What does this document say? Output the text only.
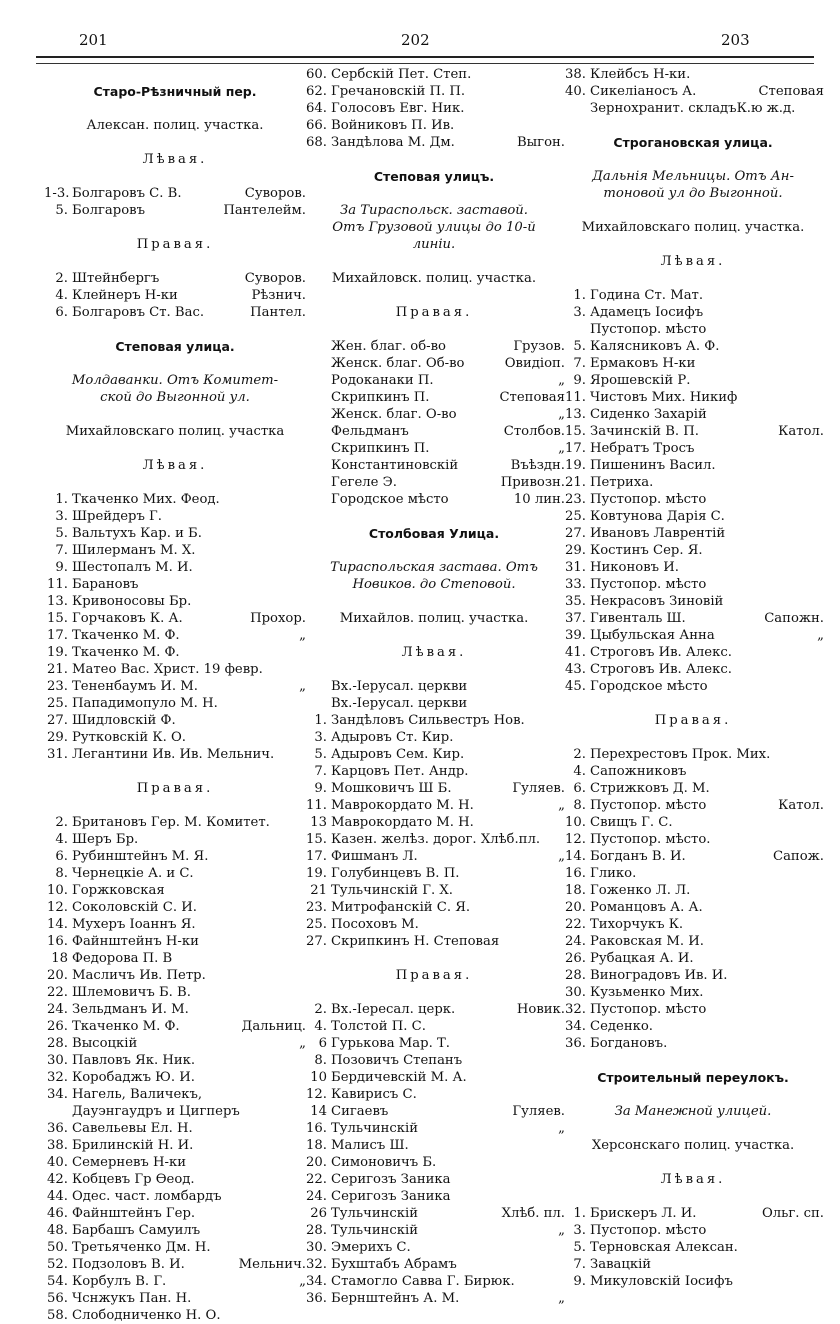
201	202	203
Старо-Рѣзничный пер.
Алексан. полиц. участка.
Лѣвая.
1-3. Болгаровъ С. В.	Суворов.
5. Болгаровъ	Пантелейм.
Правая.
2. Штейнбергъ	Суворов.
4. Клейнеръ Н-ки	Рѣзнич.
6. Болгаровъ Ст. Вас.	Пантел.
Степовая улица.
Молдаванки. Отъ Комитет-
ской до Выгонной ул.
Михайловскаго полиц. участка
Лѣвая.
1. Ткаченко Мих. Феод.
3. Шрейдеръ Г.
5. Вальтухъ Кар. и Б.
7. Шилерманъ М. Х.
9. Шестопалъ М. И.
11. Барановъ
13. Кривоносовы Бр.
15. Горчаковъ К. А.	Прохор.
17. Ткаченко М. Ф.	„
19. Ткаченко М. Ф.
21. Матео Вас. Христ. 19 февр.
23. Тененбаумъ И. М.	„
25. Пападимопуло М. Н.
27. Шидловскій Ф.
29. Рутковскій К. О.
31. Легантини Ив. Ив. Мельнич.
Правая.
2. Британовъ Гер. М. Комитет.
4. Шеръ Бр.
6. Рубинштейнъ М. Я.
8. Чернецкіе А. и С.
10. Горжковская
12. Соколовскій С. И.
14. Мухеръ Іоаннъ Я.
16. Файнштейнъ Н-ки
18 Федорова П. В
20. Масличъ Ив. Петр.
22. Шлемовичъ Б. В.
24. Зельдманъ И. М.
26. Ткаченко М. Ф.	Дальниц.
28. Высоцкій	„
30. Павловъ Як. Ник.
32. Коробаджъ Ю. И.
34. Нагель, Валичекъ,
Дауэнгаудръ и Цигперъ
36. Савельевы Ел. Н.
38. Брилинскій Н. И.
40. Семерневъ Н-ки
42. Кобцевъ Гр Ѳеод.
44. Одес. част. ломбардъ
46. Файнштейнъ Гер.
48. Барбашъ Самуилъ
50. Третьяченко Дм. Н.
52. Подзоловъ В. И.	Мельнич.
54. Корбулъ В. Г.	„
56. Чснжукъ Пан. Н.
58. Слободниченко Н. О.
60. Сербскій Пет. Степ.
62. Гречановскій П. П.
64. Голосовъ Евг. Ник.
66. Войниковъ П. Ив.
68. Зандѣлова М. Дм.	Выгон.
Степовая улицъ.
За Тираспольск. заставой.
Отъ Грузовой улицы до 10-й
линіи.
Михайловск. полиц. участка.
Правая.
Жен. благ. об-во	Грузов.
Женск. благ. Об-во	Овидіоп.
Родоканаки П.	„
Скрипкинъ П.	Степовая
Женск. благ. О-во	„
Фельдманъ	Столбов.
Скрипкинъ П.	„
Константиновскій	Въѣздн.
Гегеле Э.	Привозн.
Городское мѣсто	10 лин.
Столбовая Улица.
Тираспольская застава. Отъ
Новиков. до Степовой.
Михайлов. полиц. участка.
Лѣвая.
Вх.-Іерусал. церкви
Вх.-Іерусал. церкви
1. Зандѣловъ Сильвестръ Нов.
3. Адыровъ Ст. Кир.
5. Адыровъ Сем. Кир.
7. Карцовъ Пет. Андр.
9. Мошковичъ Ш Б.	Гуляев.
11. Маврокордато М. Н.	„
13 Маврокордато М. Н.
15. Казен. желѣз. дорог. Хлѣб.пл.
17. Фишманъ Л.	„
19. Голубинцевъ В. П.
21 Тульчинскій Г. Х.
23. Митрофанскій С. Я.
25. Посоховъ М.
27. Скрипкинъ Н. Степовая
Правая.
2. Вх.-Іересал. церк.	Новик.
4. Толстой П. С.
6 Гурькова Мар. Т.
8. Позовичъ Степанъ
10 Бердичевскій М. А.
12. Кавирисъ С.
14 Сигаевъ	Гуляев.
16. Тульчинскій	„
18. Малисъ Ш.
20. Симоновичъ Б.
22. Серигозъ Заника
24. Серигозъ Заника
26 Тульчинскій	Хлѣб. пл.
28. Тульчинскій	„
30. Эмерихъ С.
32. Бухштабъ Абрамъ
34. Стамогло Савва Г. Бирюк.
36. Бернштейнъ А. М.	„
38. Клейбсъ Н-ки.
40. Сикеліаносъ А.	Степовая
Зернохранит. складъК.ю ж.д.
Строгановская улица.
Дальнія Мельницы. Отъ Ан-
тоновой ул до Выгонной.
Михайловскаго полиц. участка.
Лѣвая.
1. Година Ст. Мат.
3. Адамецъ Іосифъ
Пустопор. мѣсто
5. Калясниковъ А. Ф.
7. Ермаковъ Н-ки
9. Ярошевскій Р.
11. Чистовъ Мих. Никиф
13. Сиденко Захарій
15. Зачинскій В. П.	Катол.
17. Небратъ Тросъ
19. Пишенинъ Васил.
21. Петриха.
23. Пустопор. мѣсто
25. Ковтунова Дарія С.
27. Ивановъ Лаврентій
29. Костинъ Сер. Я.
31. Никоновъ И.
33. Пустопор. мѣсто
35. Некрасовъ Зиновій
37. Гивенталь Ш.	Сапожн.
39. Цыбульская Анна	„
41. Строговъ Ив. Алекс.
43. Строговъ Ив. Алекс.
45. Городское мѣсто
Правая.
2. Перехрестовъ Прок. Мих.
4. Сапожниковъ
6. Стрижковъ Д. М.
8. Пустопор. мѣсто	Катол.
10. Свищъ Г. С.
12. Пустопор. мѣсто.
14. Богданъ В. И.	Сапож.
16. Глико.
18. Гоженко Л. Л.
20. Романцовъ А. А.
22. Тихорчукъ К.
24. Раковская М. И.
26. Рубацкая А. И.
28. Виноградовъ Ив. И.
30. Кузьменко Мих.
32. Пустопор. мѣсто
34. Седенко.
36. Богдановъ.
Строительный переулокъ.
За Манежной улицей.
Херсонскаго полиц. участка.
Лѣвая.
1. Брискеръ Л. И.	Ольг. сп.
3. Пустопор. мѣсто
5. Терновская Алексан.
7. Завацкій
9. Микуловскій Іосифъ
